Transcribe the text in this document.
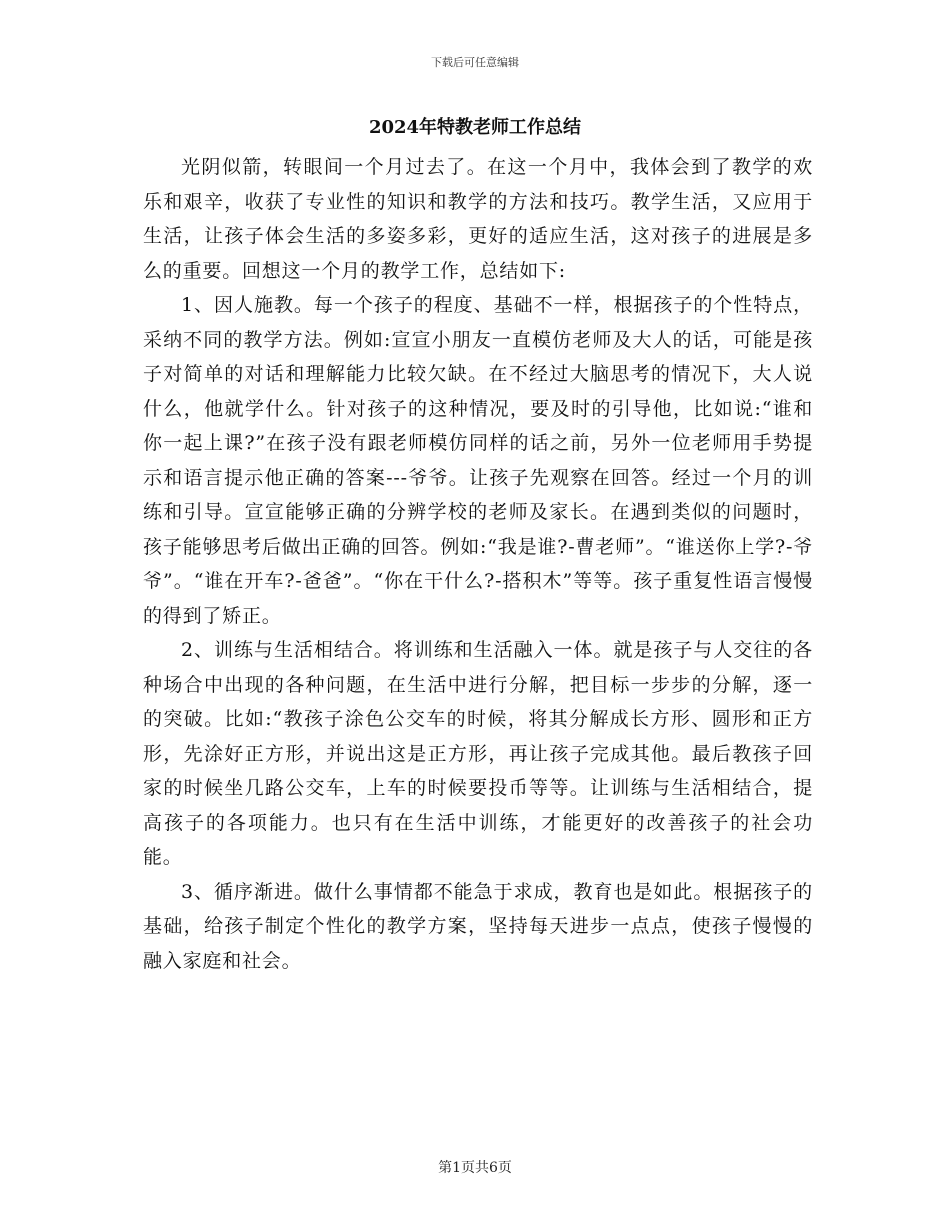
下载后可任意编辑
2024年特教老师工作总结

光阴似箭，转眼间一个月过去了。在这一个月中，我体会到了教学的欢乐和艰辛，收获了专业性的知识和教学的方法和技巧。教学生活，又应用于生活，让孩子体会生活的多姿多彩，更好的适应生活，这对孩子的进展是多么的重要。回想这一个月的教学工作，总结如下:

1、因人施教。每一个孩子的程度、基础不一样，根据孩子的个性特点，采纳不同的教学方法。例如:宣宣小朋友一直模仿老师及大人的话，可能是孩子对简单的对话和理解能力比较欠缺。在不经过大脑思考的情况下，大人说什么，他就学什么。针对孩子的这种情况，要及时的引导他，比如说:“谁和你一起上课?”在孩子没有跟老师模仿同样的话之前，另外一位老师用手势提示和语言提示他正确的答案---爷爷。让孩子先观察在回答。经过一个月的训练和引导。宣宣能够正确的分辨学校的老师及家长。在遇到类似的问题时，孩子能够思考后做出正确的回答。例如:“我是谁?-曹老师”。“谁送你上学?-爷爷”。“谁在开车?-爸爸”。“你在干什么?-搭积木”等等。孩子重复性语言慢慢的得到了矫正。

2、训练与生活相结合。将训练和生活融入一体。就是孩子与人交往的各种场合中出现的各种问题，在生活中进行分解，把目标一步步的分解，逐一的突破。比如:“教孩子涂色公交车的时候，将其分解成长方形、圆形和正方形，先涂好正方形，并说出这是正方形，再让孩子完成其他。最后教孩子回家的时候坐几路公交车，上车的时候要投币等等。让训练与生活相结合，提高孩子的各项能力。也只有在生活中训练，才能更好的改善孩子的社会功能。

3、循序渐进。做什么事情都不能急于求成，教育也是如此。根据孩子的基础，给孩子制定个性化的教学方案，坚持每天进步一点点，使孩子慢慢的融入家庭和社会。

第1页共6页
